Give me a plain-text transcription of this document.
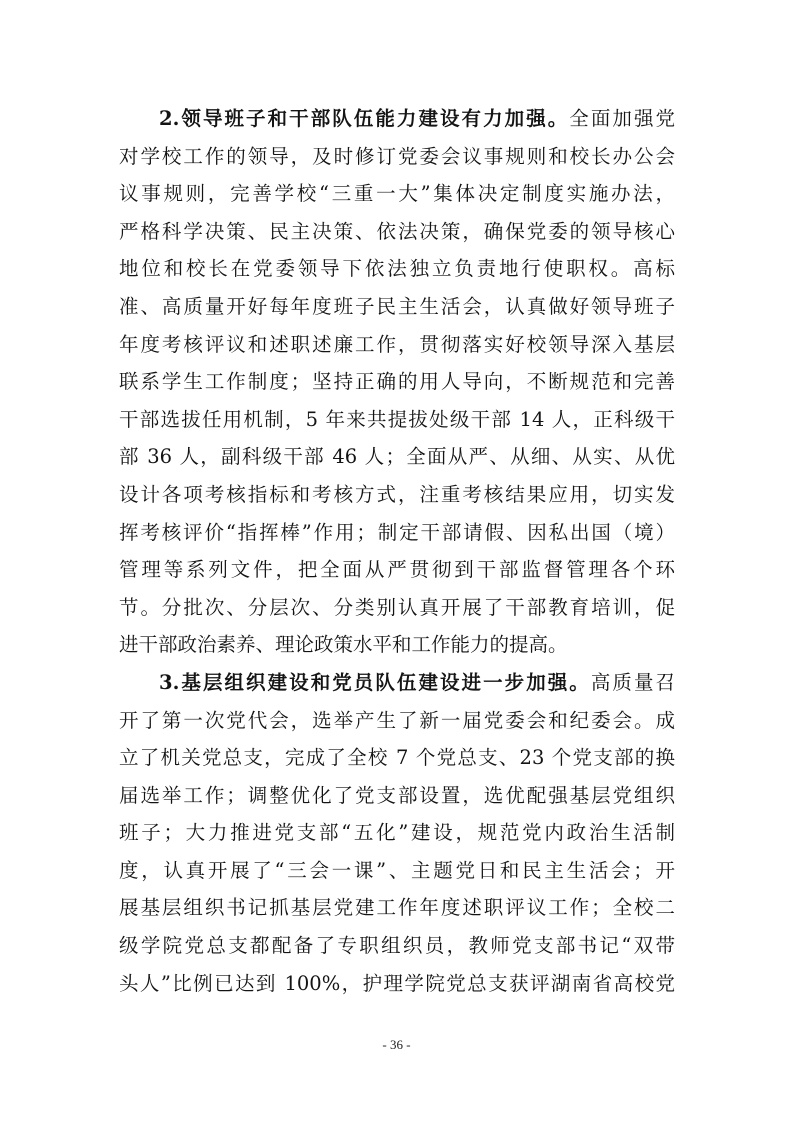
2.领导班子和干部队伍能力建设有力加强。全面加强党
对学校工作的领导，及时修订党委会议事规则和校长办公会
议事规则，完善学校“三重一大”集体决定制度实施办法，
严格科学决策、民主决策、依法决策，确保党委的领导核心
地位和校长在党委领导下依法独立负责地行使职权。高标
准、高质量开好每年度班子民主生活会，认真做好领导班子
年度考核评议和述职述廉工作，贯彻落实好校领导深入基层
联系学生工作制度；坚持正确的用人导向，不断规范和完善
干部选拔任用机制，5 年来共提拔处级干部 14 人，正科级干
部 36 人，副科级干部 46 人；全面从严、从细、从实、从优
设计各项考核指标和考核方式，注重考核结果应用，切实发
挥考核评价“指挥棒”作用；制定干部请假、因私出国（境）
管理等系列文件，把全面从严贯彻到干部监督管理各个环
节。分批次、分层次、分类别认真开展了干部教育培训，促
进干部政治素养、理论政策水平和工作能力的提高。
3.基层组织建设和党员队伍建设进一步加强。高质量召
开了第一次党代会，选举产生了新一届党委会和纪委会。成
立了机关党总支，完成了全校 7 个党总支、23 个党支部的换
届选举工作；调整优化了党支部设置，选优配强基层党组织
班子；大力推进党支部“五化”建设，规范党内政治生活制
度，认真开展了“三会一课”、主题党日和民主生活会；开
展基层组织书记抓基层党建工作年度述职评议工作；全校二
级学院党总支都配备了专职组织员，教师党支部书记“双带
头人”比例已达到 100%，护理学院党总支获评湖南省高校党
- 36 -
